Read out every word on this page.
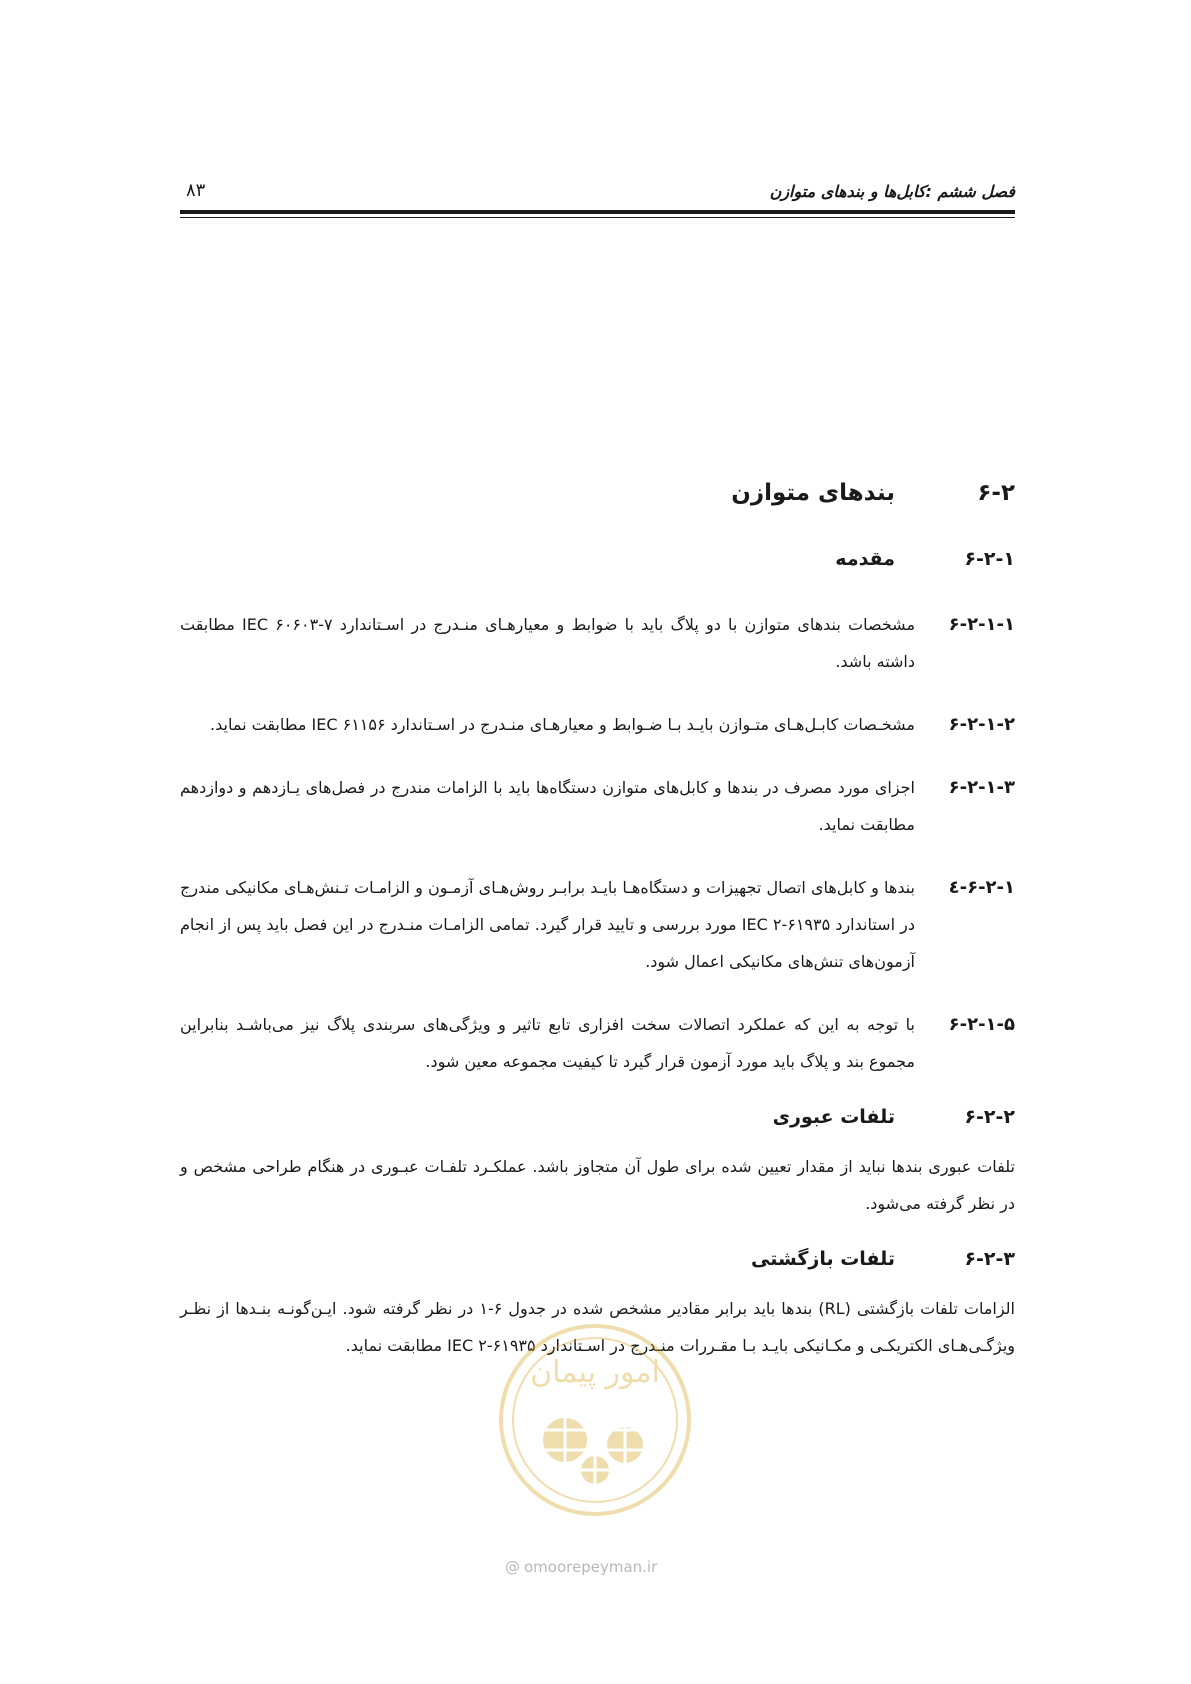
فصل ششم :کابل‌ها و بندهای متوازن
۸۳
۶-۲
بندهای متوازن
۶-۲-۱
مقدمه
۶-۲-۱-۱
مشخصات بندهای متوازن با دو پلاگ باید با ضوابط و معیارهـای منـدرج در اسـتاندارد ۷-۶۰۶۰۳ IEC مطابقت داشته باشد.
۶-۲-۱-۲
مشخـصات کابـل‌هـای متـوازن بایـد بـا ضـوابط و معیارهـای منـدرج در اسـتاندارد ۶۱۱۵۶ IEC مطابقت نماید.
۶-۲-۱-۳
اجزای مورد مصرف در بندها و کابل‌های متوازن دستگاه‌ها باید با الزامات مندرج در فصل‌های یـازدهم و دوازدهم مطابقت نماید.
۶-۲-۱-٤
بندها و کابل‌های اتصال تجهیزات و دستگاه‌هـا بایـد برابـر روش‌هـای آزمـون و الزامـات تـنش‌هـای مکانیکی مندرج در استاندارد ۶۱۹۳۵-۲ IEC مورد بررسی و تایید قرار گیرد. تمامی الزامـات منـدرج در این فصل باید پس از انجام آزمون‌های تنش‌های مکانیکی اعمال شود.
۶-۲-۱-۵
با توجه به این که عملکرد اتصالات سخت افزاری تابع تاثیر و ویژگی‌های سربندی پلاگ نیز می‌باشـد بنابراین مجموع بند و پلاگ باید مورد آزمون قرار گیرد تا کیفیت مجموعه معین شود.
۶-۲-۲
تلفات عبوری

تلفات عبوری بندها نباید از مقدار تعیین شده برای طول آن متجاوز باشد. عملکـرد تلفـات عبـوری در هنگام طراحی مشخص و در نظر گرفته می‌شود.

۶-۲-۳
تلفات بازگشتی

الزامات تلفات بازگشتی (RL) بندها باید برابر مقادیر مشخص شده در جدول ۶-۱ در نظر گرفته شود. ایـن‌گونـه بنـدها از نظـر ویژگـی‌هـای الکتریکـی و مکـانیکی بایـد بـا مقـررات منـدرج در اسـتاندارد ۶۱۹۳۵-۲ IEC مطابقت نماید.

امور پیمان
@ omoorepeyman.ir
